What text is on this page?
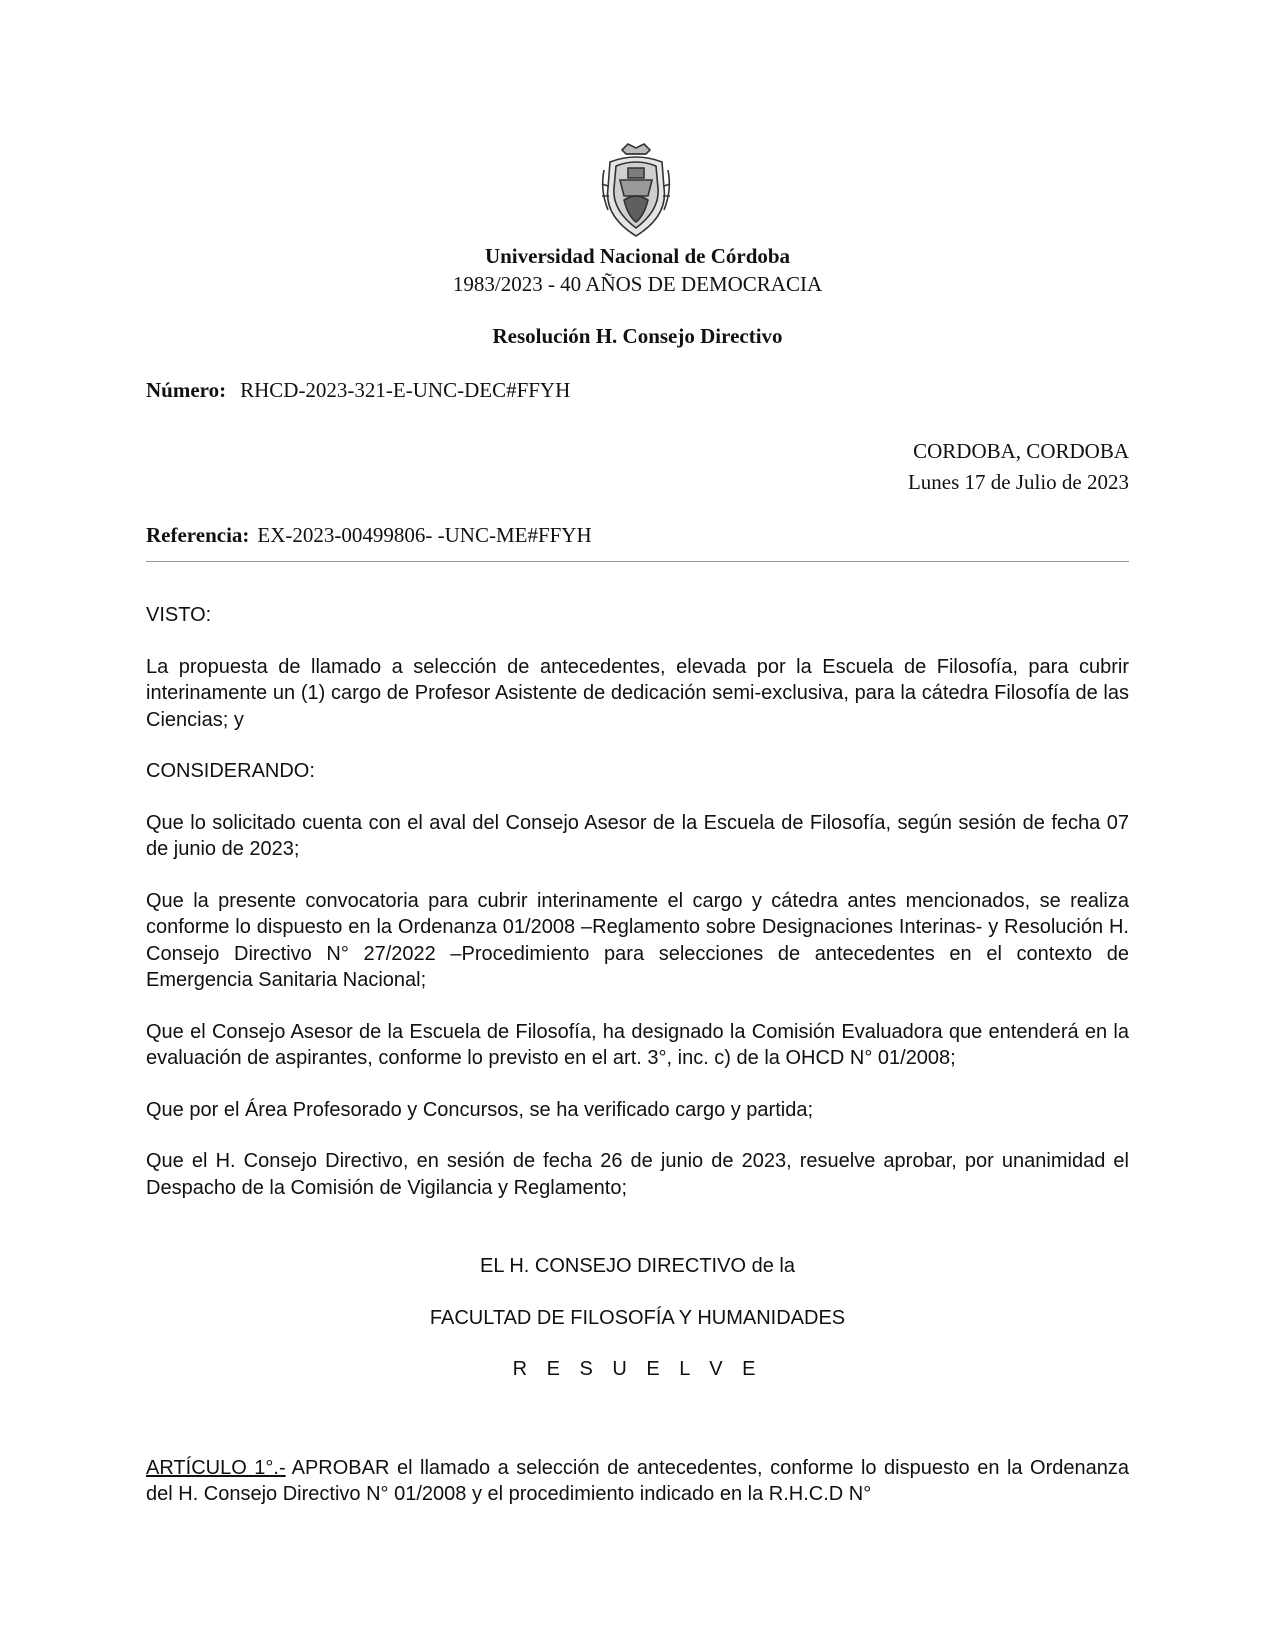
Universidad Nacional de Córdoba
1983/2023 - 40 AÑOS DE DEMOCRACIA
Resolución H. Consejo Directivo
Número: RHCD-2023-321-E-UNC-DEC#FFYH
CORDOBA, CORDOBA
Lunes 17 de Julio de 2023
Referencia: EX-2023-00499806- -UNC-ME#FFYH

VISTO:

La propuesta de llamado a selección de antecedentes, elevada por la Escuela de Filosofía, para cubrir interinamente un (1) cargo de Profesor Asistente de dedicación semi-exclusiva, para la cátedra Filosofía de las Ciencias; y

CONSIDERANDO:

Que lo solicitado cuenta con el aval del Consejo Asesor de la Escuela de Filosofía, según sesión de fecha 07 de junio de 2023;

Que la presente convocatoria para cubrir interinamente el cargo y cátedra antes mencionados, se realiza conforme lo dispuesto en la Ordenanza 01/2008 –Reglamento sobre Designaciones Interinas- y Resolución H. Consejo Directivo N° 27/2022 –Procedimiento para selecciones de antecedentes en el contexto de Emergencia Sanitaria Nacional;

Que el Consejo Asesor de la Escuela de Filosofía, ha designado la Comisión Evaluadora que entenderá en la evaluación de aspirantes, conforme lo previsto en el art. 3°, inc. c) de la OHCD N° 01/2008;

Que por el Área Profesorado y Concursos, se ha verificado cargo y partida;

Que el H. Consejo Directivo, en sesión de fecha 26 de junio de 2023, resuelve aprobar, por unanimidad el Despacho de la Comisión de Vigilancia y Reglamento;

EL H. CONSEJO DIRECTIVO de la
FACULTAD DE FILOSOFÍA Y HUMANIDADES
R E S U E L V E
ARTÍCULO 1°.- APROBAR el llamado a selección de antecedentes, conforme lo dispuesto en la Ordenanza del H. Consejo Directivo N° 01/2008 y el procedimiento indicado en la R.H.C.D N°
